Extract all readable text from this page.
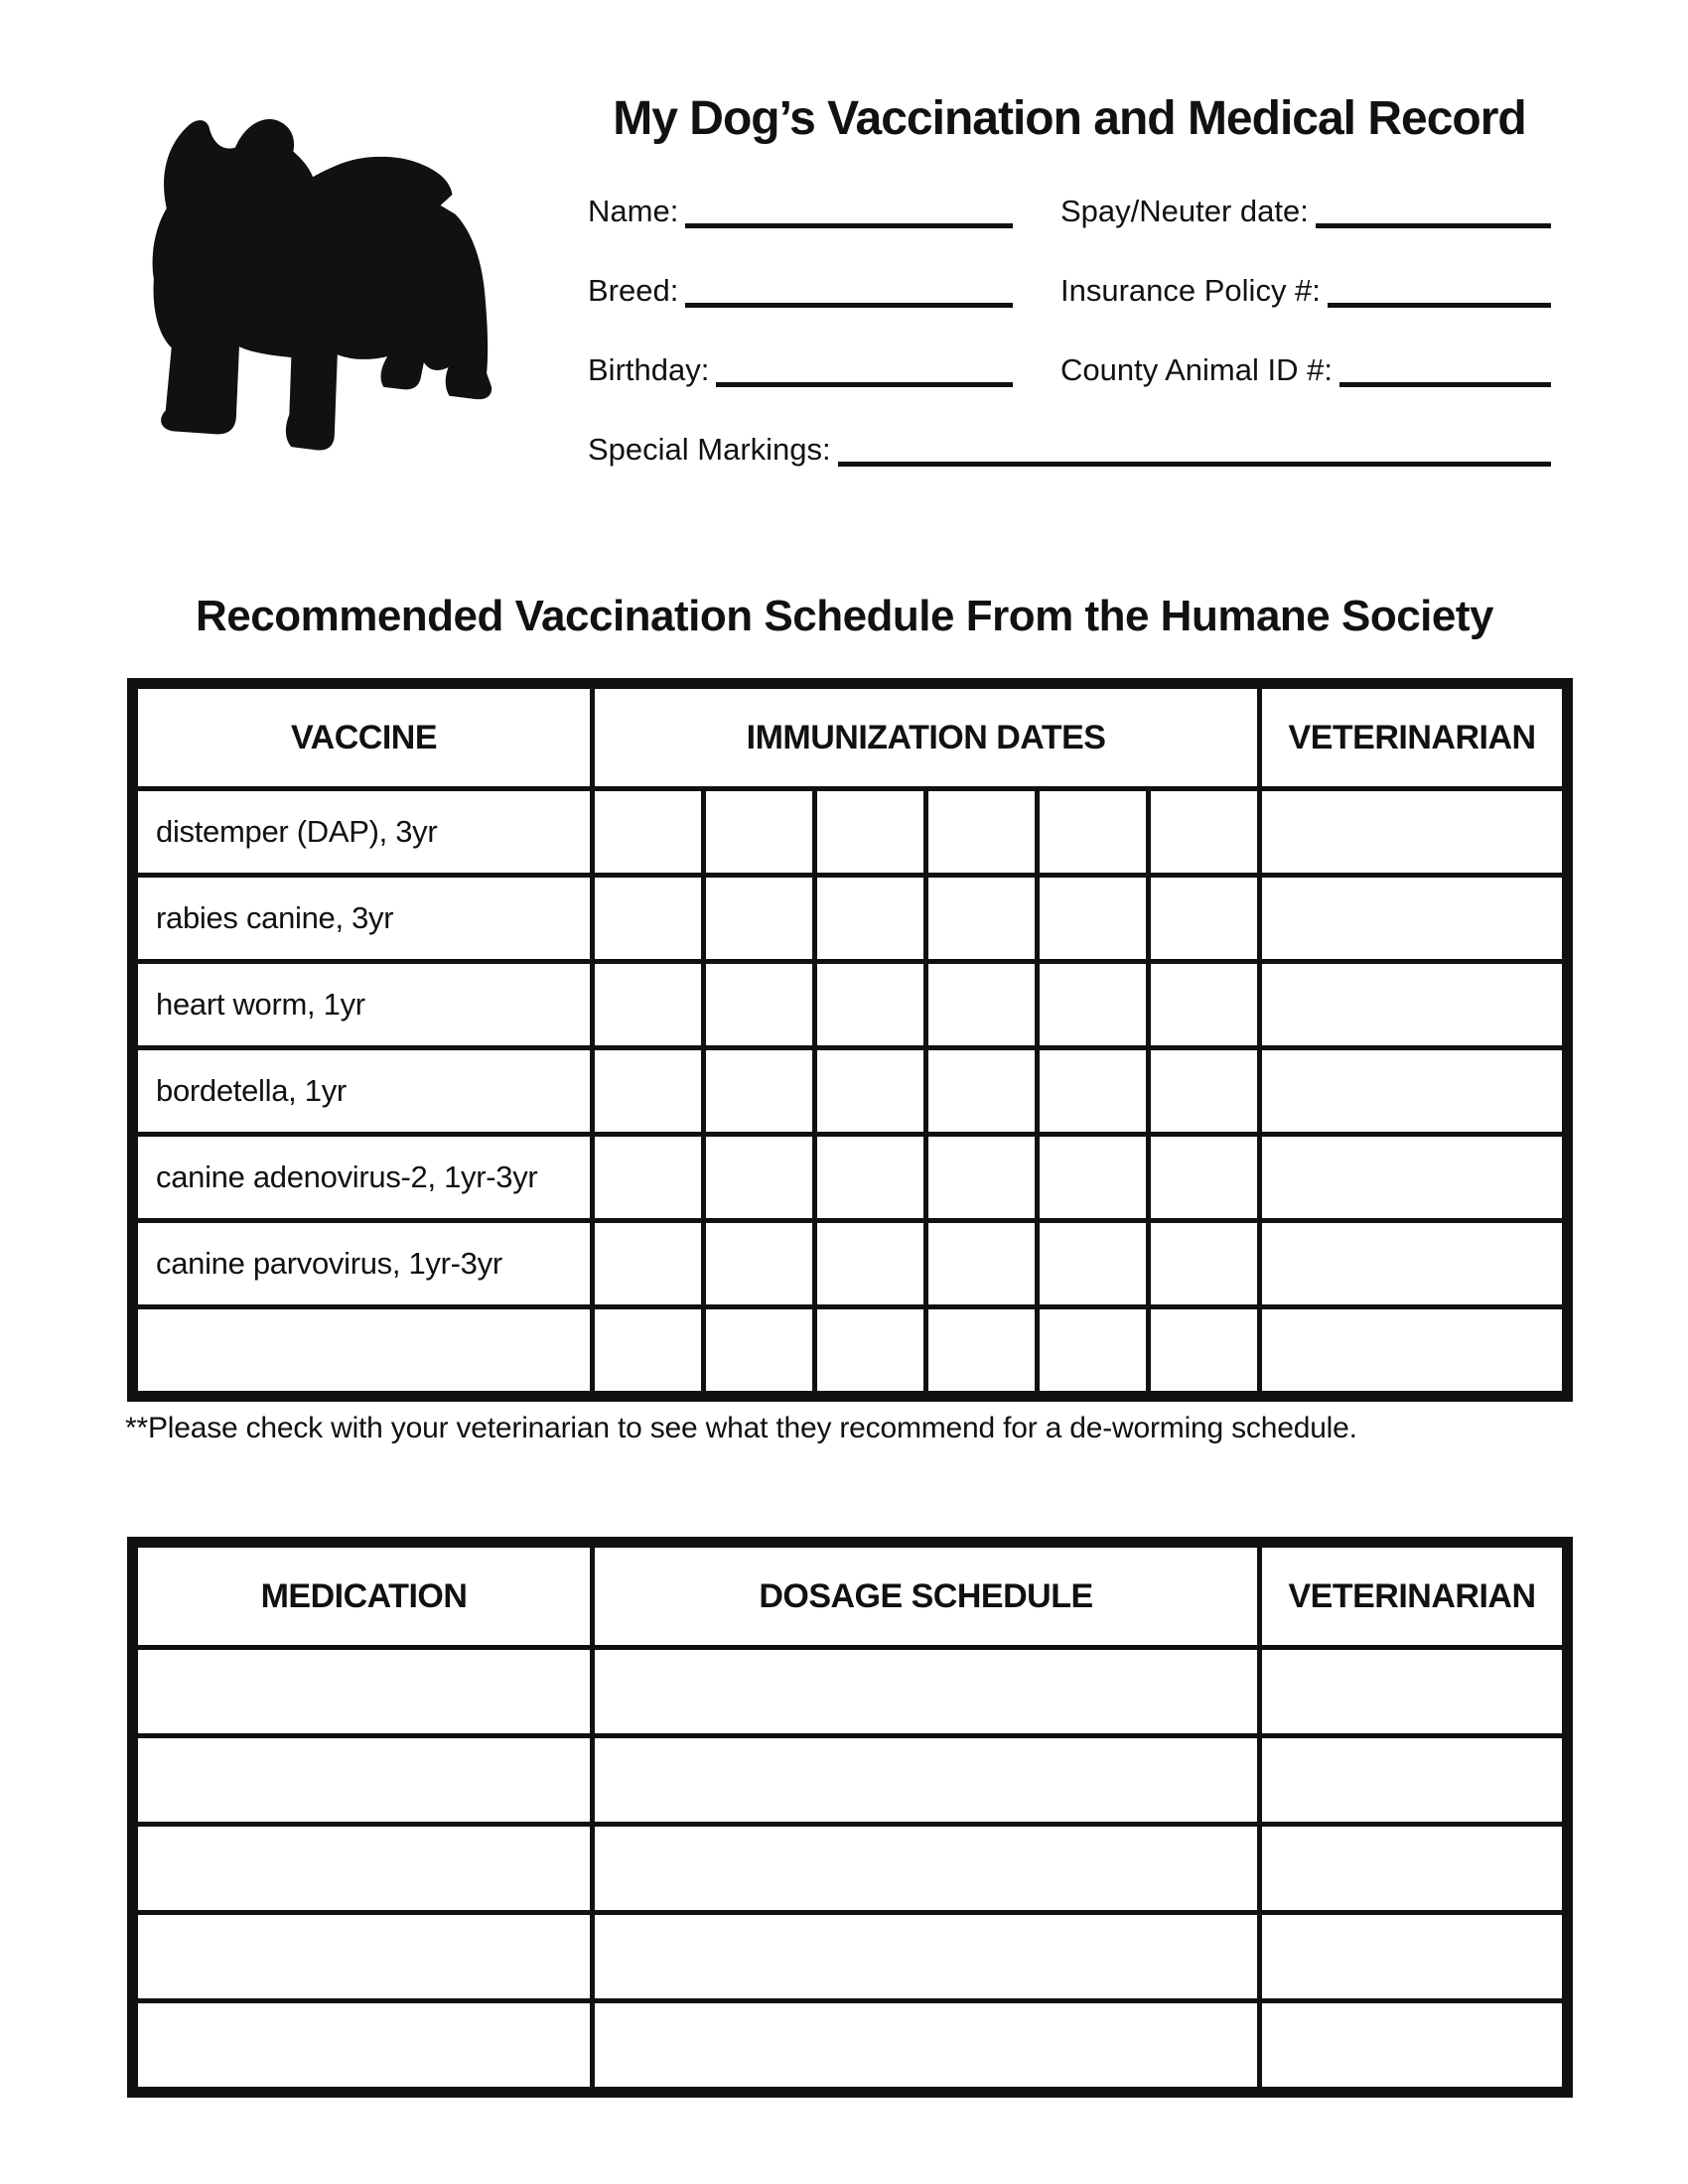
My Dog’s Vaccination and Medical Record
Name:	Spay/Neuter date:
Breed:	Insurance Policy #:
Birthday:	County Animal ID #:
Special Markings:
Recommended Vaccination Schedule From the Humane Society
VACCINE	IMMUNIZATION DATES						VETERINARIAN
distemper (DAP), 3yr							
rabies canine, 3yr							
heart worm, 1yr							
bordetella, 1yr							
canine adenovirus-2, 1yr-3yr							
canine parvovirus, 1yr-3yr							

**Please check with your veterinarian to see what they recommend for a de-worming schedule.

MEDICATION	DOSAGE SCHEDULE	VETERINARIAN
